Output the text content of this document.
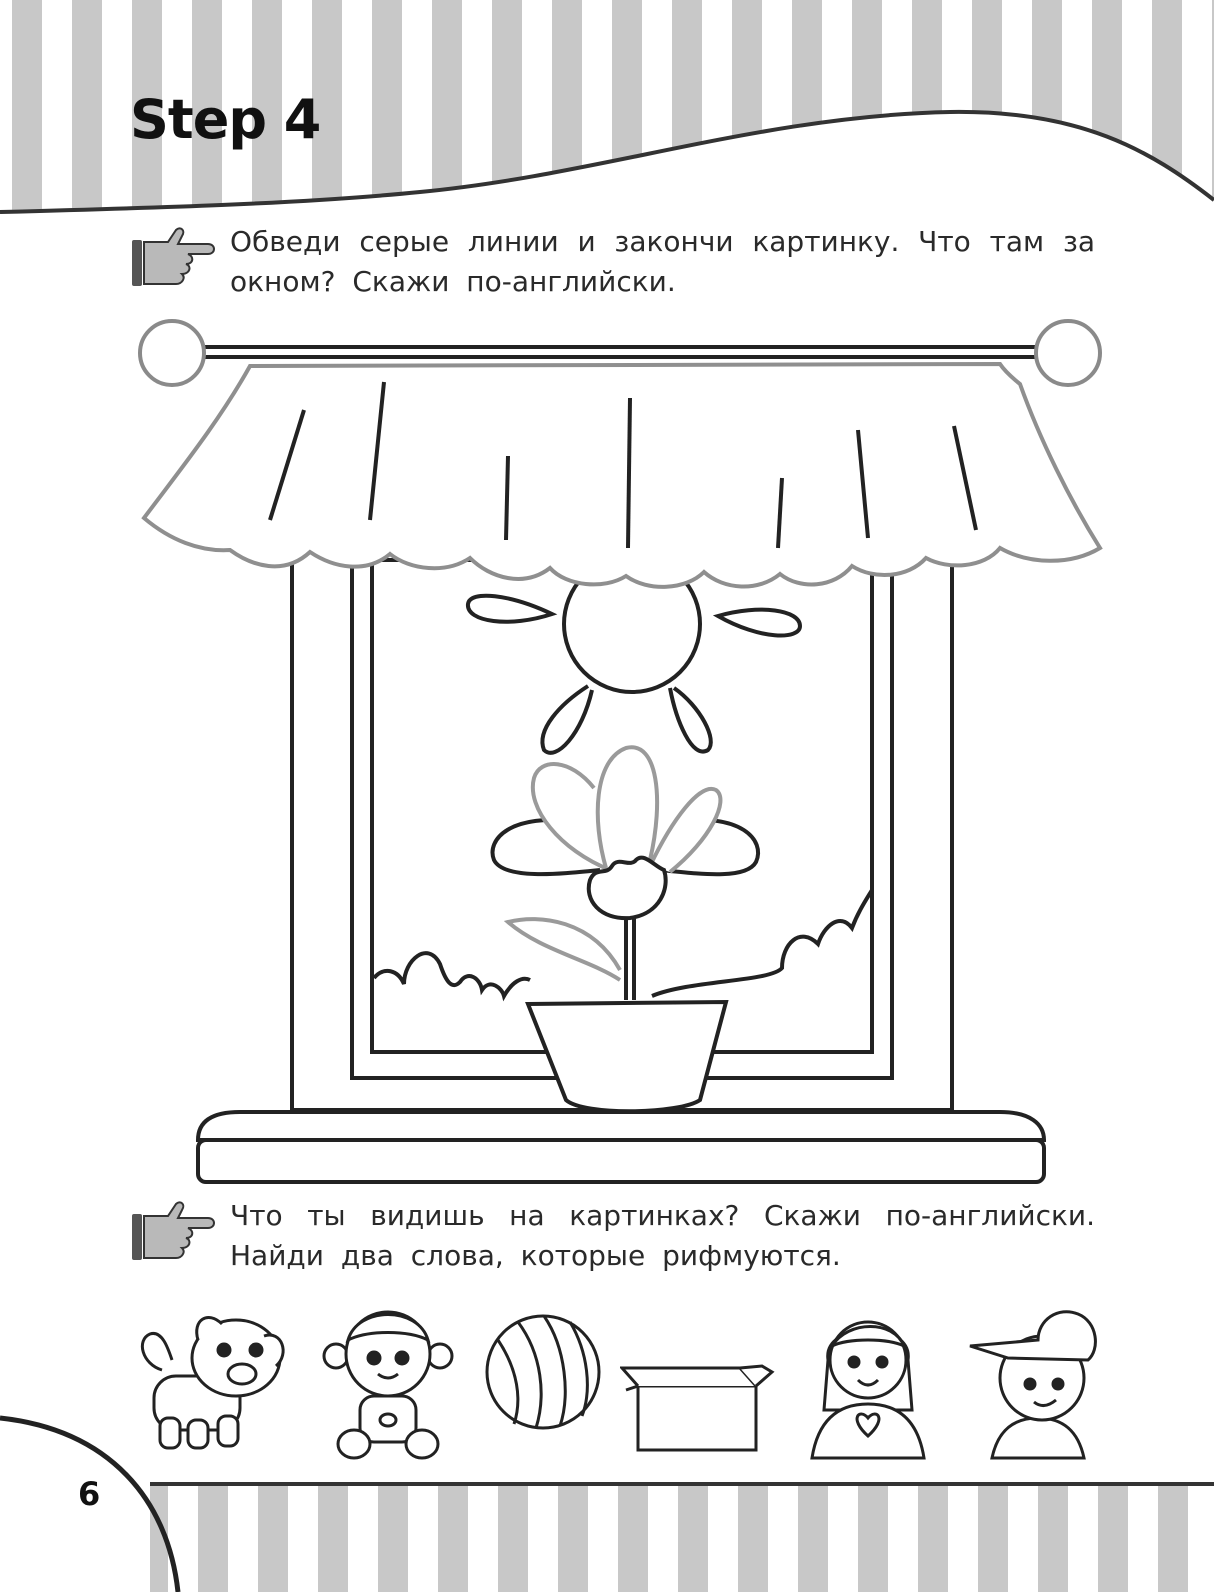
Step 4

Обведи серые линии и закончи картинку. Что там за окном? Скажи по-английски.

Что ты видишь на картинках? Скажи по-английски. Найди два слова, которые рифмуются.

6
